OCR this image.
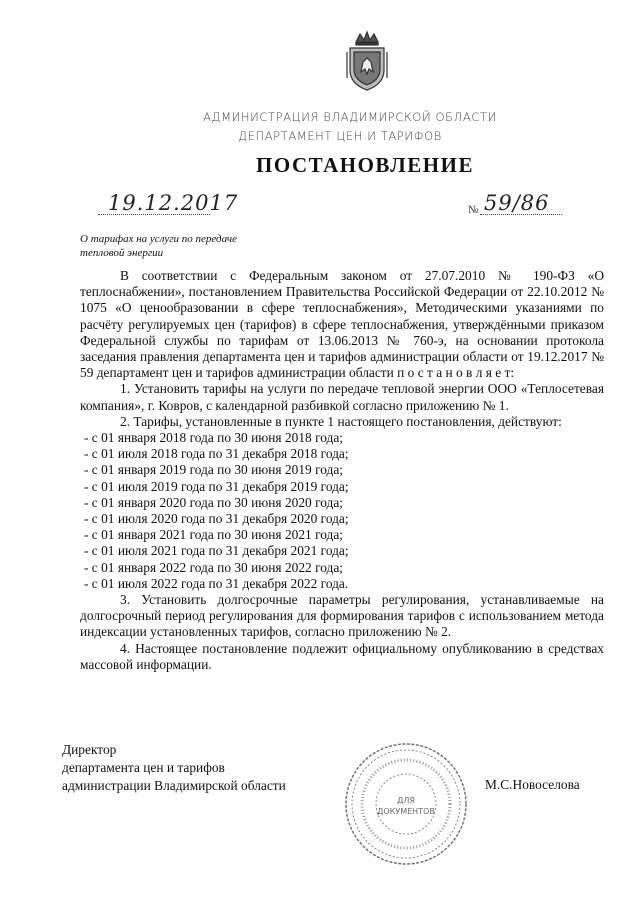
АДМИНИСТРАЦИЯ ВЛАДИМИРСКОЙ ОБЛАСТИ
ДЕПАРТАМЕНТ ЦЕН И ТАРИФОВ
ПОСТАНОВЛЕНИЕ
19.12.2017	№ 59/86
О тарифах на услуги по передаче
тепловой энергии

В соответствии с Федеральным законом от 27.07.2010 № 190-ФЗ «О теплоснабжении», постановлением Правительства Российской Федерации от 22.10.2012 № 1075 «О ценообразовании в сфере теплоснабжения», Методическими указаниями по расчёту регулируемых цен (тарифов) в сфере теплоснабжения, утверждёнными приказом Федеральной службы по тарифам от 13.06.2013 № 760-э, на основании протокола заседания правления департамента цен и тарифов администрации области от 19.12.2017 № 59 департамент цен и тарифов администрации области п о с т а н о в л я е т:

1. Установить тарифы на услуги по передаче тепловой энергии ООО «Теплосетевая компания», г. Ковров, с календарной разбивкой согласно приложению № 1.

2. Тарифы, установленные в пункте 1 настоящего постановления, действуют:

- с 01 января 2018 года по 30 июня 2018 года;
- с 01 июля 2018 года по 31 декабря 2018 года;
- с 01 января 2019 года по 30 июня 2019 года;
- с 01 июля 2019 года по 31 декабря 2019 года;
- с 01 января 2020 года по 30 июня 2020 года;
- с 01 июля 2020 года по 31 декабря 2020 года;
- с 01 января 2021 года по 30 июня 2021 года;
- с 01 июля 2021 года по 31 декабря 2021 года;
- с 01 января 2022 года по 30 июня 2022 года;
- с 01 июля 2022 года по 31 декабря 2022 года.

3. Установить долгосрочные параметры регулирования, устанавливаемые на долгосрочный период регулирования для формирования тарифов с использованием метода индексации установленных тарифов, согласно приложению № 2.

4. Настоящее постановление подлежит официальному опубликованию в средствах массовой информации.

Директор
департамента цен и тарифов
администрации Владимирской области	М.С.Новоселова
ДЛЯ
ДОКУМЕНТОВ
